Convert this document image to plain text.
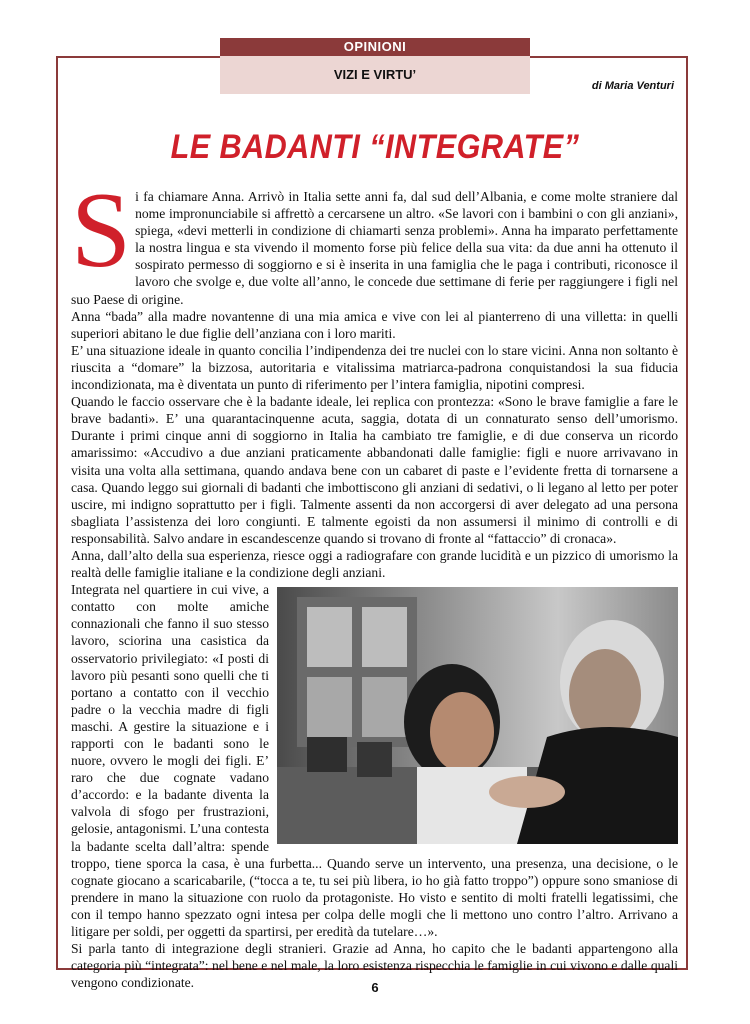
OPINIONI
VIZI E VIRTU’
di Maria Venturi
LE BADANTI “INTEGRATE”
S i fa chiamare Anna. Arrivò in Italia sette anni fa, dal sud dell’Albania, e come molte straniere dal nome impronunciabile si affrettò a cercarsene un altro. «Se lavori con i bambini o con gli anziani», spiega, «devi metterli in condizione di chiamarti senza problemi». Anna ha imparato perfettamente la nostra lingua e sta vivendo il momento forse più felice della sua vita: da due anni ha ottenuto il sospirato permesso di soggiorno e si è inserita in una famiglia che le paga i contributi, riconosce il lavoro che svolge e, due volte all’anno, le concede due settimane di ferie per raggiungere i figli nel suo Paese di origine.

Anna “bada” alla madre novantenne di una mia amica e vive con lei al pianterreno di una villetta: in quelli superiori abitano le due figlie dell’anziana con i loro mariti.

E’ una situazione ideale in quanto concilia l’indipendenza dei tre nuclei con lo stare vicini. Anna non soltanto è riuscita a “domare” la bizzosa, autoritaria e vitalissima matriarca-padrona conquistandosi la sua fiducia incondizionata, ma è diventata un punto di riferimento per l’intera famiglia, nipotini compresi.

Quando le faccio osservare che è la badante ideale, lei replica con prontezza: «Sono le brave famiglie a fare le brave badanti». E’ una quarantacinquenne acuta, saggia, dotata di un connaturato senso dell’umorismo. Durante i primi cinque anni di soggiorno in Italia ha cambiato tre famiglie, e di due conserva un ricordo amarissimo: «Accudivo a due anziani praticamente abbandonati dalle famiglie: figli e nuore arrivavano in visita una volta alla settimana, quando andava bene con un cabaret di paste e l’evidente fretta di tornarsene a casa. Quando leggo sui giornali di badanti che imbottiscono gli anziani di sedativi, o li legano al letto per poter uscire, mi indigno soprattutto per i figli. Talmente assenti da non accorgersi di aver delegato ad una persona sbagliata l’assistenza dei loro congiunti. E talmente egoisti da non assumersi il minimo di controlli e di responsabilità. Salvo andare in escandescenze quando si trovano di fronte al “fattaccio” di cronaca».

Anna, dall’alto della sua esperienza, riesce oggi a radiografare con grande lucidità e un pizzico di umorismo la realtà delle famiglie italiane e la condizione degli anziani.

Integrata nel quartiere in cui vive, a contatto con molte amiche connazionali che fanno il suo stesso lavoro, sciorina una casistica da osservatorio privilegiato: «I posti di lavoro più pesanti sono quelli che ti portano a contatto con il vecchio padre o la vecchia madre di figli maschi. A gestire la situazione e i rapporti con le badanti sono le nuore, ovvero le mogli dei figli. E’ raro che due cognate vadano d’accordo: e la badante diventa la valvola di sfogo per frustrazioni, gelosie, antagonismi. L’una contesta la badante scelta dall’altra: spende troppo, tiene sporca la casa, è una furbetta... Quando serve un intervento, una presenza, una decisione, o le cognate giocano a scaricabarile, (“tocca a te, tu sei più libera, io ho già fatto troppo”) oppure sono smaniose di prendere in mano la situazione con ruolo da protagoniste. Ho visto e sentito di molti fratelli legatissimi, che con il tempo hanno spezzato ogni intesa per colpa delle mogli che li mettono uno contro l’altro. Arrivano a litigare per soldi, per oggetti da spartirsi, per eredità da tutelare…».

Si parla tanto di integrazione degli stranieri. Grazie ad Anna, ho capito che le badanti appartengono alla categoria più “integrata”: nel bene e nel male, la loro esistenza rispecchia le famiglie in cui vivono e dalle quali vengono condizionate.	6
